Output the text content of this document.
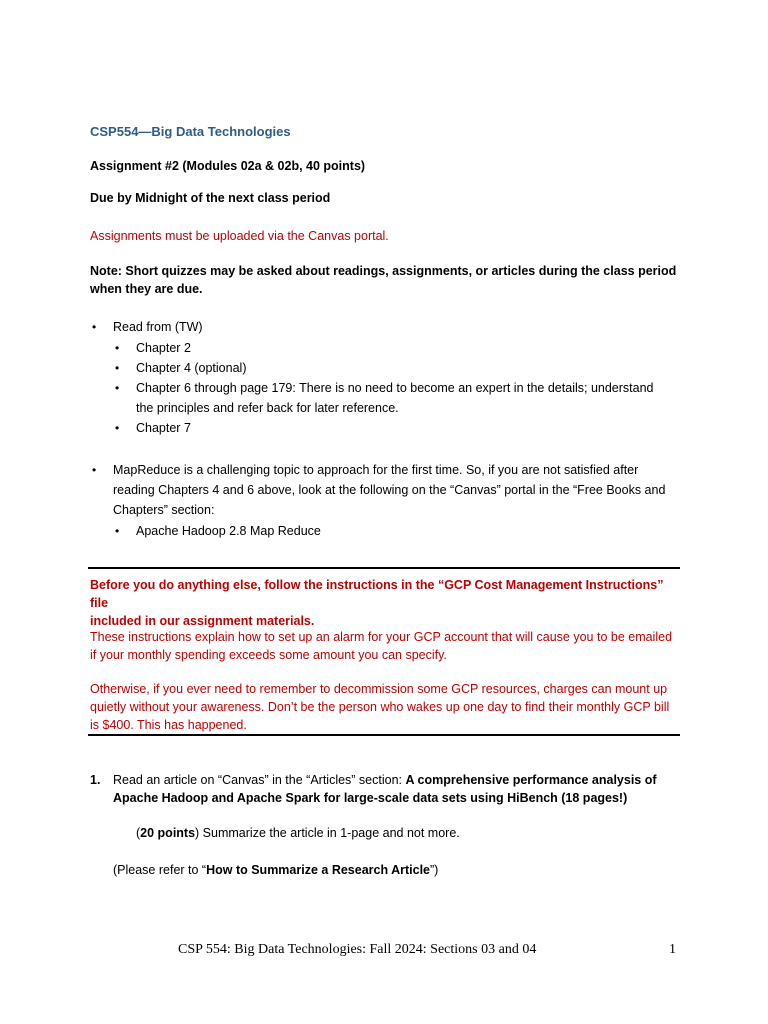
CSP554—Big Data Technologies

Assignment #2 (Modules 02a & 02b, 40 points)

Due by Midnight of the next class period

Assignments must be uploaded via the Canvas portal.

Note: Short quizzes may be asked about readings, assignments, or articles during the class period
when they are due.
• Read from (TW)
• Chapter 2
• Chapter 4 (optional)
• Chapter 6 through page 179: There is no need to become an expert in the details; understand
the principles and refer back for later reference.
• Chapter 7
• MapReduce is a challenging topic to approach for the first time. So, if you are not satisfied after
reading Chapters 4 and 6 above, look at the following on the “Canvas” portal in the “Free Books and
Chapters” section:
• Apache Hadoop 2.8 Map Reduce
Before you do anything else, follow the instructions in the “GCP Cost Management Instructions” file
included in our assignment materials.
These instructions explain how to set up an alarm for your GCP account that will cause you to be emailed
if your monthly spending exceeds some amount you can specify.
Otherwise, if you ever need to remember to decommission some GCP resources, charges can mount up
quietly without your awareness. Don’t be the person who wakes up one day to find their monthly GCP bill
is $400. This has happened.
1. Read an article on “Canvas” in the “Articles” section: A comprehensive performance analysis of
Apache Hadoop and Apache Spark for large-scale data sets using HiBench (18 pages!)
(20 points) Summarize the article in 1-page and not more.
(Please refer to “How to Summarize a Research Article”)
CSP 554: Big Data Technologies: Fall 2024: Sections 03 and 04	1
